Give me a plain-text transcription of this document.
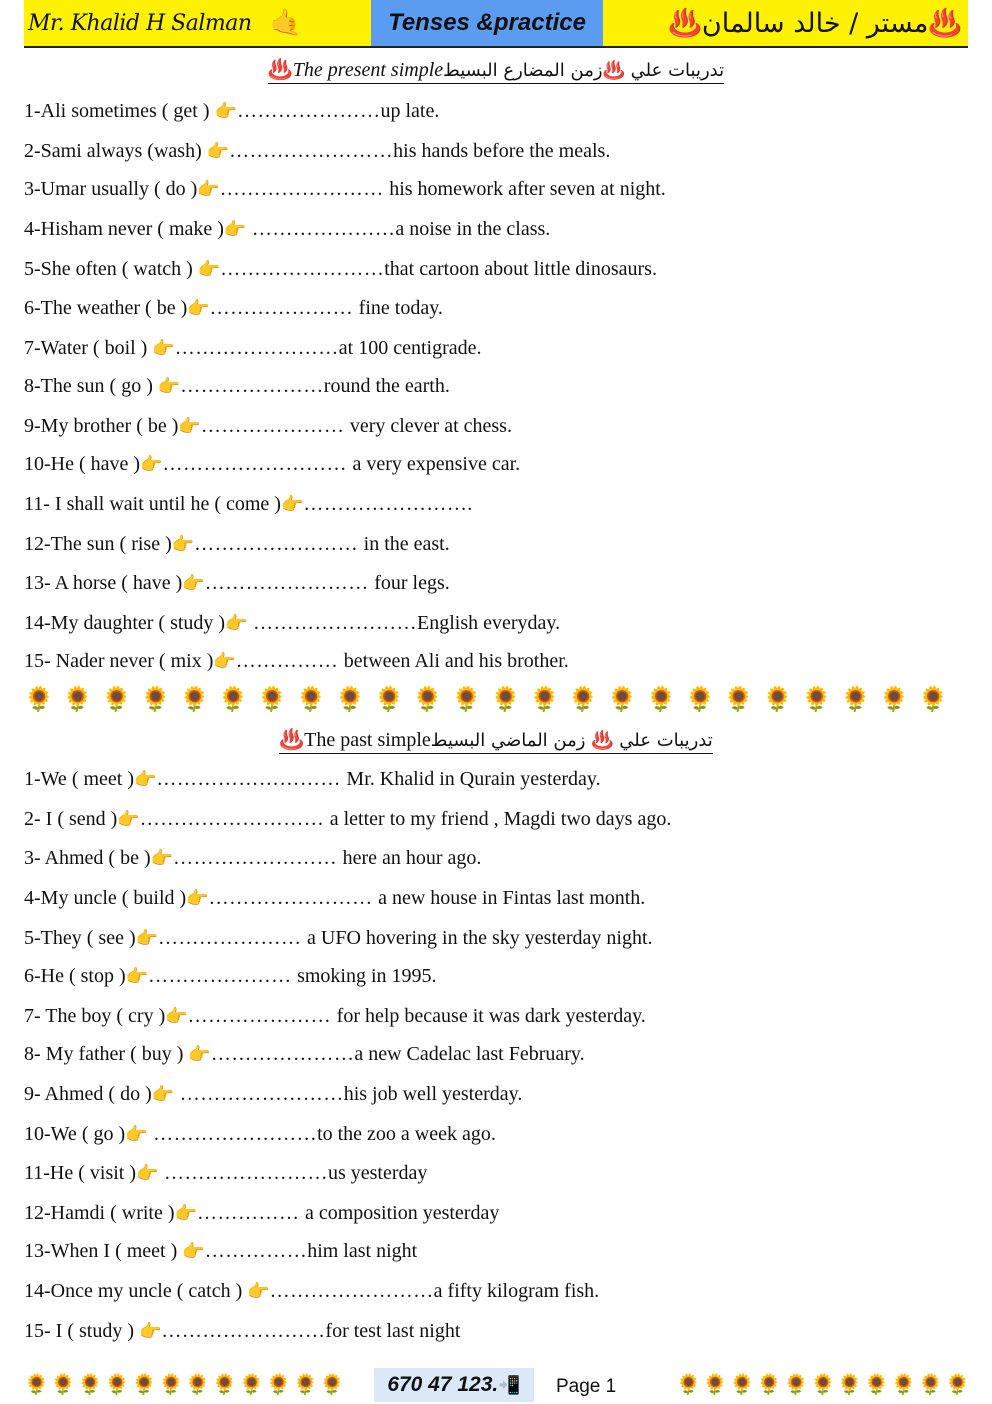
Mr. Khalid H Salman 🤙	Tenses &practice	♨️مستر / خالد سالمان♨️
♨️The present simpleتدريبات علي ♨️زمن المضارع البسيط
1-Ali sometimes ( get ) 👉…………………up late.
2-Sami always (wash) 👉……………………his hands before the meals.
3-Umar usually ( do )👉…………………… his homework after seven at night.
4-Hisham never ( make )👉 …………………a noise in the class.
5-She often ( watch ) 👉……………………that cartoon about little dinosaurs.
6-The weather ( be )👉………………… fine today.
7-Water ( boil ) 👉……………………at 100 centigrade.
8-The sun ( go ) 👉…………………round the earth.
9-My brother ( be )👉………………… very clever at chess.
10-He ( have )👉……………………… a very expensive car.
11- I shall wait until he ( come )👉…………………….
12-The sun ( rise )👉…………………… in the east.
13- A horse ( have )👉…………………… four legs.
14-My daughter ( study )👉 ……………………English everyday.
15- Nader never ( mix )👉…………… between Ali and his brother.
🌻🌻🌻🌻🌻🌻🌻🌻🌻🌻🌻🌻🌻🌻🌻🌻🌻🌻🌻🌻🌻🌻🌻🌻
♨️The past simpleتدريبات علي ♨️ زمن الماضي البسيط
1-We ( meet )👉……………………… Mr. Khalid in Qurain yesterday.
2- I ( send )👉……………………… a letter to my friend , Magdi two days ago.
3- Ahmed ( be )👉…………………… here an hour ago.
4-My uncle ( build )👉…………………… a new house in Fintas last month.
5-They ( see )👉………………… a UFO hovering in the sky yesterday night.
6-He ( stop )👉………………… smoking in 1995.
7- The boy ( cry )👉………………… for help because it was dark yesterday.
8- My father ( buy ) 👉…………………a new Cadelac last February.
9- Ahmed ( do )👉 ……………………his job well yesterday.
10-We ( go )👉 ……………………to the zoo a week ago.
11-He ( visit )👉 ……………………us yesterday
12-Hamdi ( write )👉…………… a composition yesterday
13-When I ( meet ) 👉……………him last night
14-Once my uncle ( catch ) 👉……………………a fifty kilogram fish.
15- I ( study ) 👉……………………for test last night
🌻🌻🌻🌻🌻🌻🌻🌻🌻🌻🌻🌻 670 47 123. 📲 Page 1	🌻🌻🌻🌻🌻🌻🌻🌻🌻🌻🌻
